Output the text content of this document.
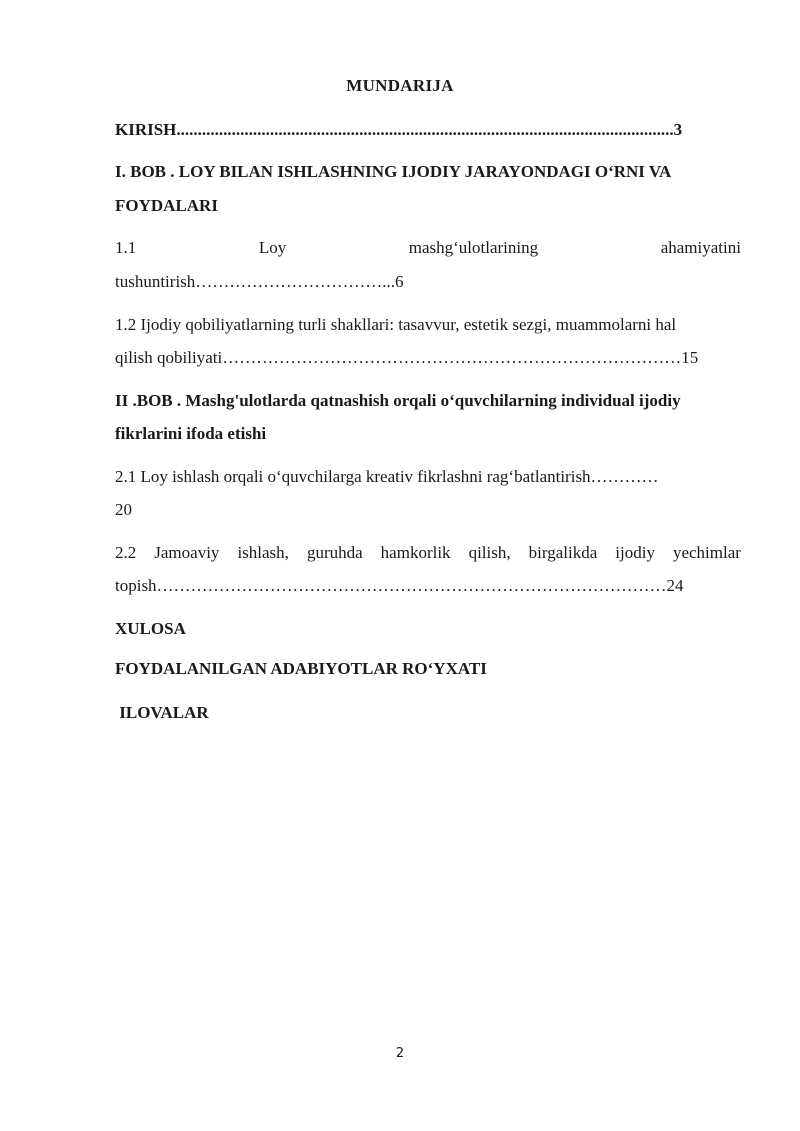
MUNDARIJA
KIRISH.....................................................................................................................3
I. BOB . LOY BILAN ISHLASHNING IJODIY JARAYONDAGI O‘RNI VA
FOYDALARI
1.1	Loy	mashg‘ulotlarining	ahamiyatini
tushuntirish……………………………...6
1.2 Ijodiy qobiliyatlarning turli shakllari: tasavvur, estetik sezgi, muammolarni hal
qilish qobiliyati………………………………………………………………………15
II .BOB . Mashg'ulotlarda qatnashish orqali o‘quvchilarning individual ijodiy
fikrlarini ifoda etishi
2.1 Loy ishlash orqali o‘quvchilarga kreativ fikrlashni rag‘batlantirish…………
20
2.2 Jamoaviy ishlash, guruhda hamkorlik qilish, birgalikda ijodiy yechimlar
topish………………………………………………………………………………24
XULOSA
FOYDALANILGAN ADABIYOTLAR RO‘YXATI
ILOVALAR
2
